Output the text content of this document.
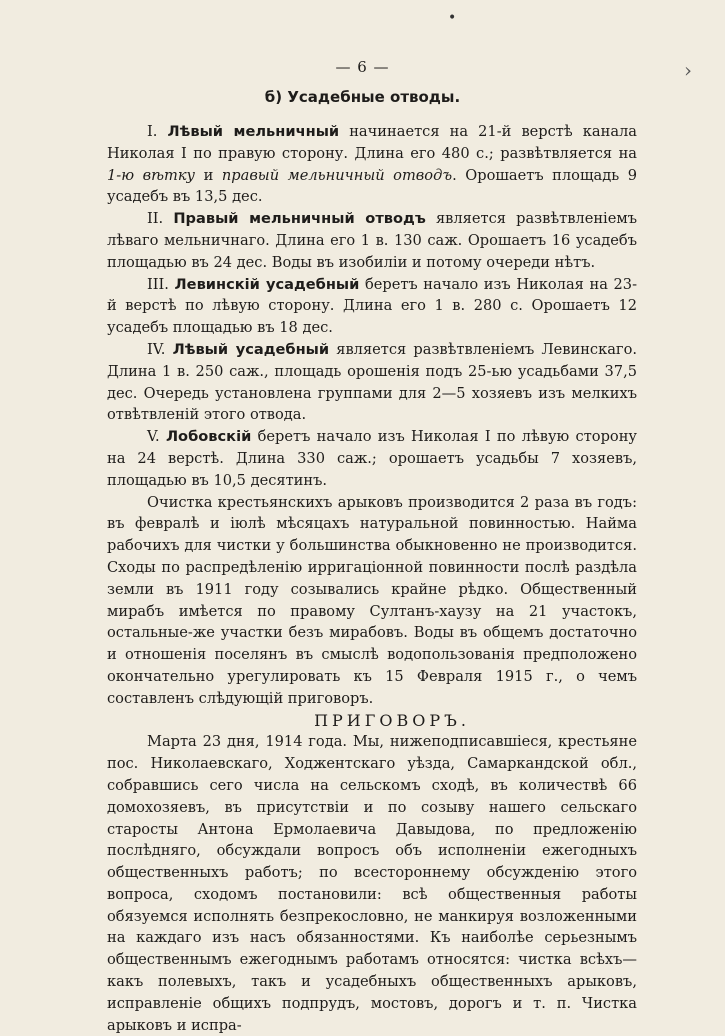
•
— 6 —	›
б) Усадебные отводы.

I. Лѣвый мельничный начинается на 21-й верстѣ канала Николая I по правую сторону. Длина его 480 с.; развѣтвляется на 1-ю вѣтку и правый мельничный отводъ. Орошаетъ площадь 9 усадебъ въ 13,5 дес.

II. Правый мельничный отводъ является развѣтвленіемъ лѣваго мельничнаго. Длина его 1 в. 130 саж. Орошаетъ 16 усадебъ площадью въ 24 дес. Воды въ изобиліи и потому очереди нѣтъ.

III. Левинскій усадебный беретъ начало изъ Николая на 23-й верстѣ по лѣвую сторону. Длина его 1 в. 280 с. Орошаетъ 12 усадебъ площадью въ 18 дес.

IV. Лѣвый усадебный является развѣтвленіемъ Левинскаго. Длина 1 в. 250 саж., площадь орошенія подъ 25-ью усадьбами 37,5 дес. Очередь установлена группами для 2—5 хозяевъ изъ мелкихъ отвѣтвленій этого отвода.

V. Лобовскій беретъ начало изъ Николая I по лѣвую сторону на 24 верстѣ. Длина 330 саж.; орошаетъ усадьбы 7 хозяевъ, площадью въ 10,5 десятинъ.

Очистка крестьянскихъ арыковъ производится 2 раза въ годъ: въ февралѣ и іюлѣ мѣсяцахъ натуральной повинностью. Найма рабочихъ для чистки у большинства обыкновенно не производится. Сходы по распредѣленію ирригаціонной повинности послѣ раздѣла земли въ 1911 году созывались крайне рѣдко. Общественный мирабъ имѣется по правому Султанъ-хаузу на 21 участокъ, остальные-же участки безъ мирабовъ. Воды въ общемъ достаточно и отношенія поселянъ въ смыслѣ водопользованія предположено окончательно урегулировать къ 15 Февраля 1915 г., о чемъ составленъ слѣдующій приговоръ.

ПРИГОВОРЪ.

Марта 23 дня, 1914 года. Мы, нижеподписавшіеся, крестьяне пос. Николаевскаго, Ходжентскаго уѣзда, Самаркандской обл., собравшись сего числа на сельскомъ сходѣ, въ количествѣ 66 домохозяевъ, въ присутствіи и по созыву нашего сельскаго старосты Антона Ермолаевича Давыдова, по предложенію послѣдняго, обсуждали вопросъ объ исполненіи ежегодныхъ общественныхъ работъ; по всестороннему обсужденію этого вопроса, сходомъ постановили: всѣ общественныя работы обязуемся исполнять безпрекословно, не манкируя возложенными на каждаго изъ насъ обязанностями. Къ наиболѣе серьезнымъ общественнымъ ежегоднымъ работамъ относятся: чистка всѣхъ—какъ полевыхъ, такъ и усадебныхъ общественныхъ арыковъ, исправленіе общихъ подпрудъ, мостовъ, дорогъ и т. п. Чистка арыковъ и испра-
